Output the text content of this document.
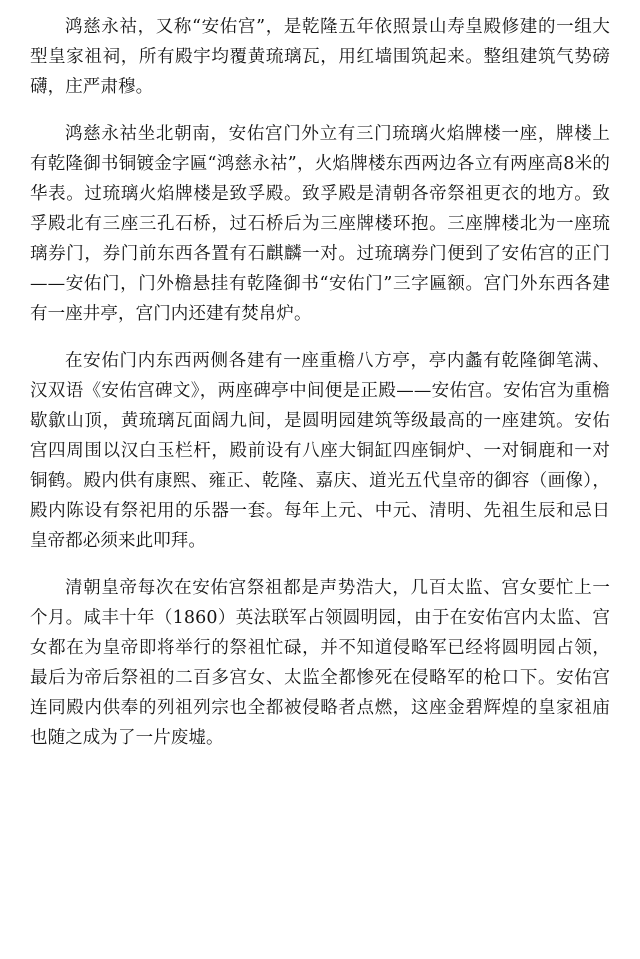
鸿慈永祜，又称“安佑宫”，是乾隆五年依照景山寿皇殿修建的一组大型皇家祖祠，所有殿宇均覆黄琉璃瓦，用红墙围筑起来。整组建筑气势磅礴，庄严肃穆。

鸿慈永祜坐北朝南，安佑宫门外立有三门琉璃火焰牌楼一座，牌楼上有乾隆御书铜镀金字匾“鸿慈永祜”，火焰牌楼东西两边各立有两座高8米的华表。过琉璃火焰牌楼是致孚殿。致孚殿是清朝各帝祭祖更衣的地方。致孚殿北有三座三孔石桥，过石桥后为三座牌楼环抱。三座牌楼北为一座琉璃券门，券门前东西各置有石麒麟一对。过琉璃券门便到了安佑宫的正门——安佑门，门外檐悬挂有乾隆御书“安佑门”三字匾额。宫门外东西各建有一座井亭，宫门内还建有焚帛炉。

在安佑门内东西两侧各建有一座重檐八方亭，亭内蠡有乾隆御笔满、汉双语《安佑宫碑文》，两座碑亭中间便是正殿——安佑宫。安佑宫为重檐歇歙山顶，黄琉璃瓦面阔九间，是圆明园建筑等级最高的一座建筑。安佑宫四周围以汉白玉栏杆，殿前设有八座大铜缸四座铜炉、一对铜鹿和一对铜鹤。殿内供有康熙、雍正、乾隆、嘉庆、道光五代皇帝的御容（画像），殿内陈设有祭祀用的乐器一套。每年上元、中元、清明、先祖生辰和忌日皇帝都必须来此叩拜。

清朝皇帝每次在安佑宫祭祖都是声势浩大，几百太监、宫女要忙上一个月。咸丰十年（1860）英法联军占领圆明园，由于在安佑宫内太监、宫女都在为皇帝即将举行的祭祖忙碌，并不知道侵略军已经将圆明园占领，最后为帝后祭祖的二百多宫女、太监全都惨死在侵略军的枪口下。安佑宫连同殿内供奉的列祖列宗也全都被侵略者点燃，这座金碧辉煌的皇家祖庙也随之成为了一片废墟。
